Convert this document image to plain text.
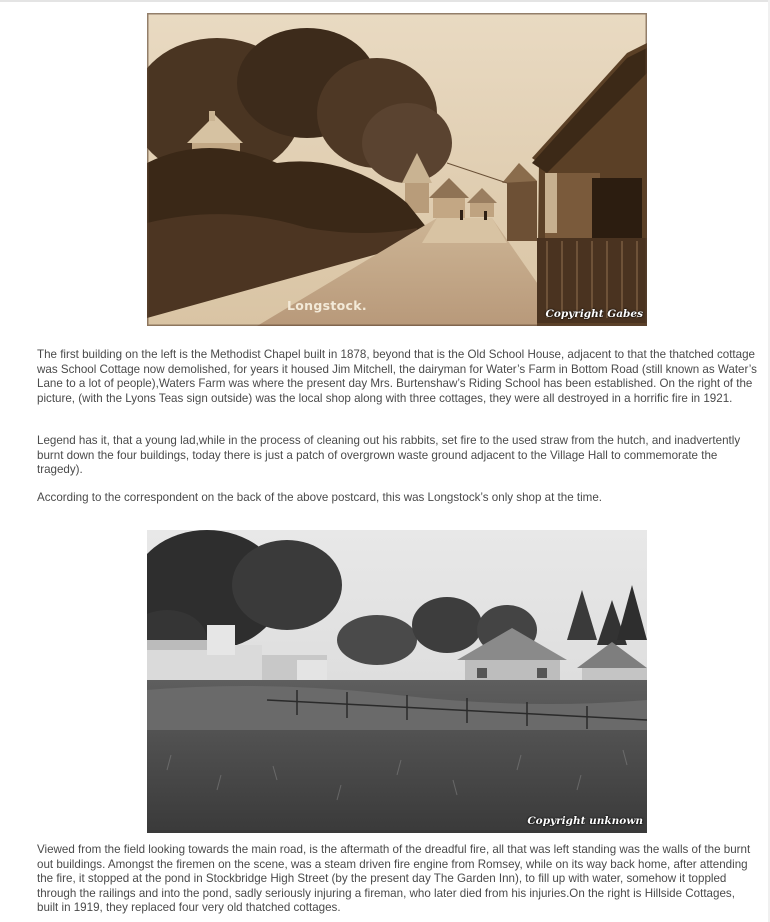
Longstock.
Copyright Gabes

The first building on the left is the Methodist Chapel built in 1878, beyond that is the Old School House, adjacent to that the thatched cottage was School Cottage now demolished, for years it housed Jim Mitchell, the dairyman for Water’s Farm in Bottom Road (still known as Water’s Lane to a lot of people),Waters Farm was where the present day Mrs. Burtenshaw’s Riding School has been established. On the right of the picture, (with the Lyons Teas sign outside) was the local shop along with three cottages, they were all destroyed in a horrific fire in 1921.

Legend has it, that a young lad,while in the process of cleaning out his rabbits, set fire to the used straw from the hutch, and inadvertently burnt down the four buildings, today there is just a patch of overgrown waste ground adjacent to the Village Hall to commemorate the tragedy).

According to the correspondent on the back of the above postcard, this was Longstock’s only shop at the time.

Copyright unknown

Viewed from the field looking towards the main road, is the aftermath of the dreadful fire, all that was left standing was the walls of the burnt out buildings. Amongst the firemen on the scene, was a steam driven fire engine from Romsey, while on its way back home, after attending the fire, it stopped at the pond in Stockbridge High Street (by the present day The Garden Inn), to fill up with water, somehow it toppled through the railings and into the pond, sadly seriously injuring a fireman, who later died from his injuries.On the right is Hillside Cottages, built in 1919, they replaced four very old thatched cottages.
